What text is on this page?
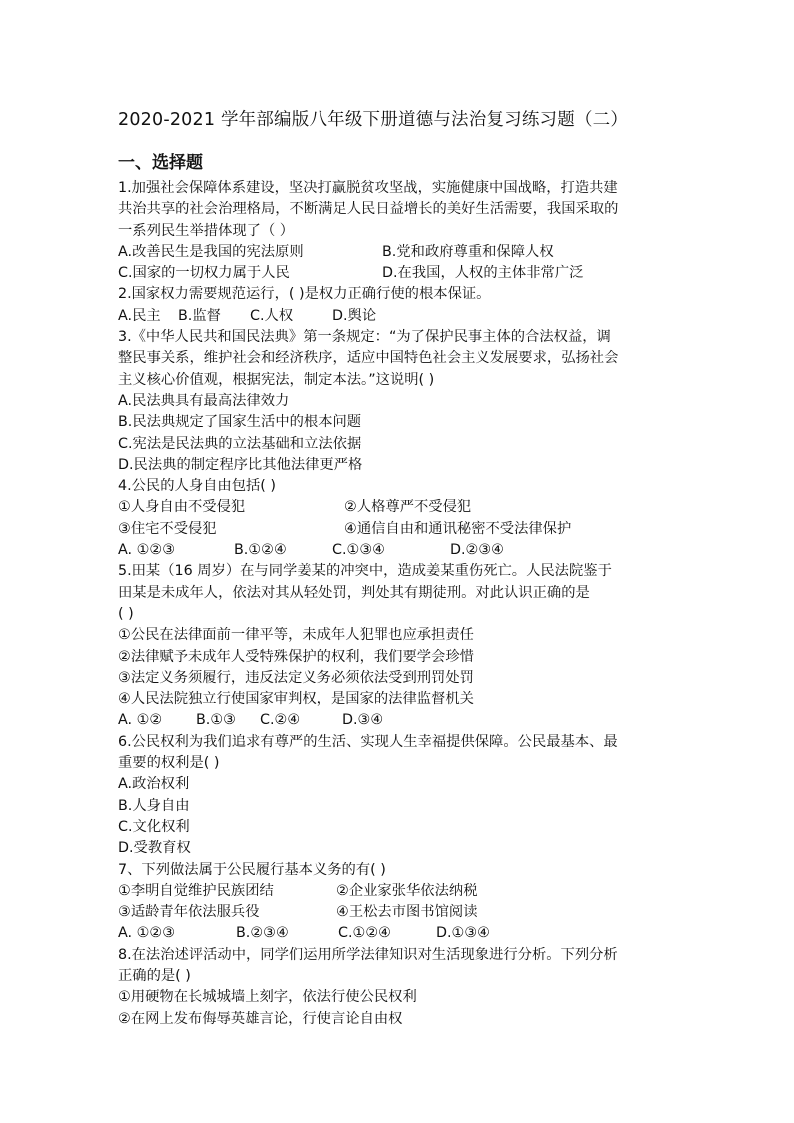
2020-2021 学年部编版八年级下册道德与法治复习练习题（二）
一、选择题
1.加强社会保障体系建设，坚决打赢脱贫攻坚战，实施健康中国战略，打造共建
共治共享的社会治理格局，不断满足人民日益增长的美好生活需要，我国采取的
一系列民生举措体现了（ ）
A.改善民生是我国的宪法原则	B.党和政府尊重和保障人权
C.国家的一切权力属于人民	D.在我国，人权的主体非常广泛
2.国家权力需要规范运行，( )是权力正确行使的根本保证。
A.民主 B.监督 C.人权	D.舆论
3.《中华人民共和国民法典》第一条规定：“为了保护民事主体的合法权益，调
整民事关系，维护社会和经济秩序，适应中国特色社会主义发展要求，弘扬社会
主义核心价值观，根据宪法，制定本法。”这说明( )
A.民法典具有最高法律效力
B.民法典规定了国家生活中的根本问题
C.宪法是民法典的立法基础和立法依据
D.民法典的制定程序比其他法律更严格
4.公民的人身自由包括( )
①人身自由不受侵犯	②人格尊严不受侵犯
③住宅不受侵犯	④通信自由和通讯秘密不受法律保护
A. ①②③	B.①②④	C.①③④	D.②③④
5.田某（16 周岁）在与同学姜某的冲突中，造成姜某重伤死亡。人民法院鉴于
田某是未成年人，依法对其从轻处罚，判处其有期徒刑。对此认识正确的是
( )
①公民在法律面前一律平等，未成年人犯罪也应承担责任
②法律赋予未成年人受特殊保护的权利，我们要学会珍惜
③法定义务须履行，违反法定义务必须依法受到刑罚处罚
④人民法院独立行使国家审判权，是国家的法律监督机关
A. ①② B.①③ C.②④	D.③④
6.公民权利为我们追求有尊严的生活、实现人生幸福提供保障。公民最基本、最
重要的权利是( )
A.政治权利
B.人身自由
C.文化权利
D.受教育权
7、下列做法属于公民履行基本义务的有( )
①李明自觉维护民族团结	②企业家张华依法纳税
③适龄青年依法服兵役	④王松去市图书馆阅读
A. ①②③	B.②③④	C.①②④	D.①③④
8.在法治述评活动中，同学们运用所学法律知识对生活现象进行分析。下列分析
正确的是( )
①用硬物在长城城墙上刻字，依法行使公民权利
②在网上发布侮辱英雄言论，行使言论自由权
